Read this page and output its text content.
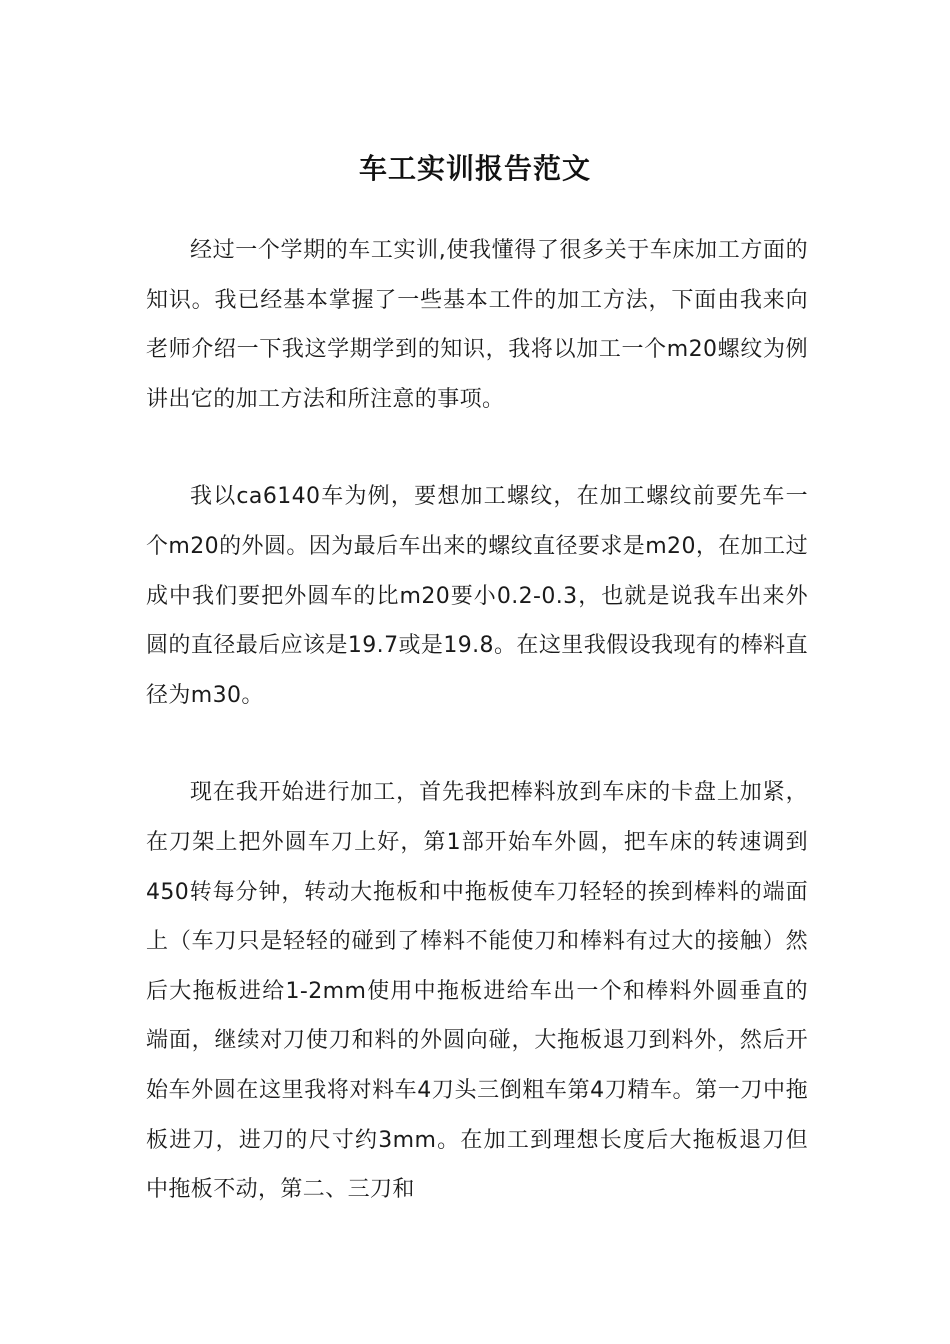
车工实训报告范文

经过一个学期的车工实训,使我懂得了很多关于车床加工方面的知识。我已经基本掌握了一些基本工件的加工方法，下面由我来向老师介绍一下我这学期学到的知识，我将以加工一个m20螺纹为例讲出它的加工方法和所注意的事项。

我以ca6140车为例，要想加工螺纹，在加工螺纹前要先车一个m20的外圆。因为最后车出来的螺纹直径要求是m20，在加工过成中我们要把外圆车的比m20要小0.2-0.3，也就是说我车出来外圆的直径最后应该是19.7或是19.8。在这里我假设我现有的棒料直径为m30。

现在我开始进行加工，首先我把棒料放到车床的卡盘上加紧，在刀架上把外圆车刀上好，第1部开始车外圆，把车床的转速调到450转每分钟，转动大拖板和中拖板使车刀轻轻的挨到棒料的端面上（车刀只是轻轻的碰到了棒料不能使刀和棒料有过大的接触）然后大拖板进给1-2mm使用中拖板进给车出一个和棒料外圆垂直的端面，继续对刀使刀和料的外圆向碰，大拖板退刀到料外，然后开始车外圆在这里我将对料车4刀头三倒粗车第4刀精车。第一刀中拖板进刀，进刀的尺寸约3mm。在加工到理想长度后大拖板退刀但中拖板不动，第二、三刀和
